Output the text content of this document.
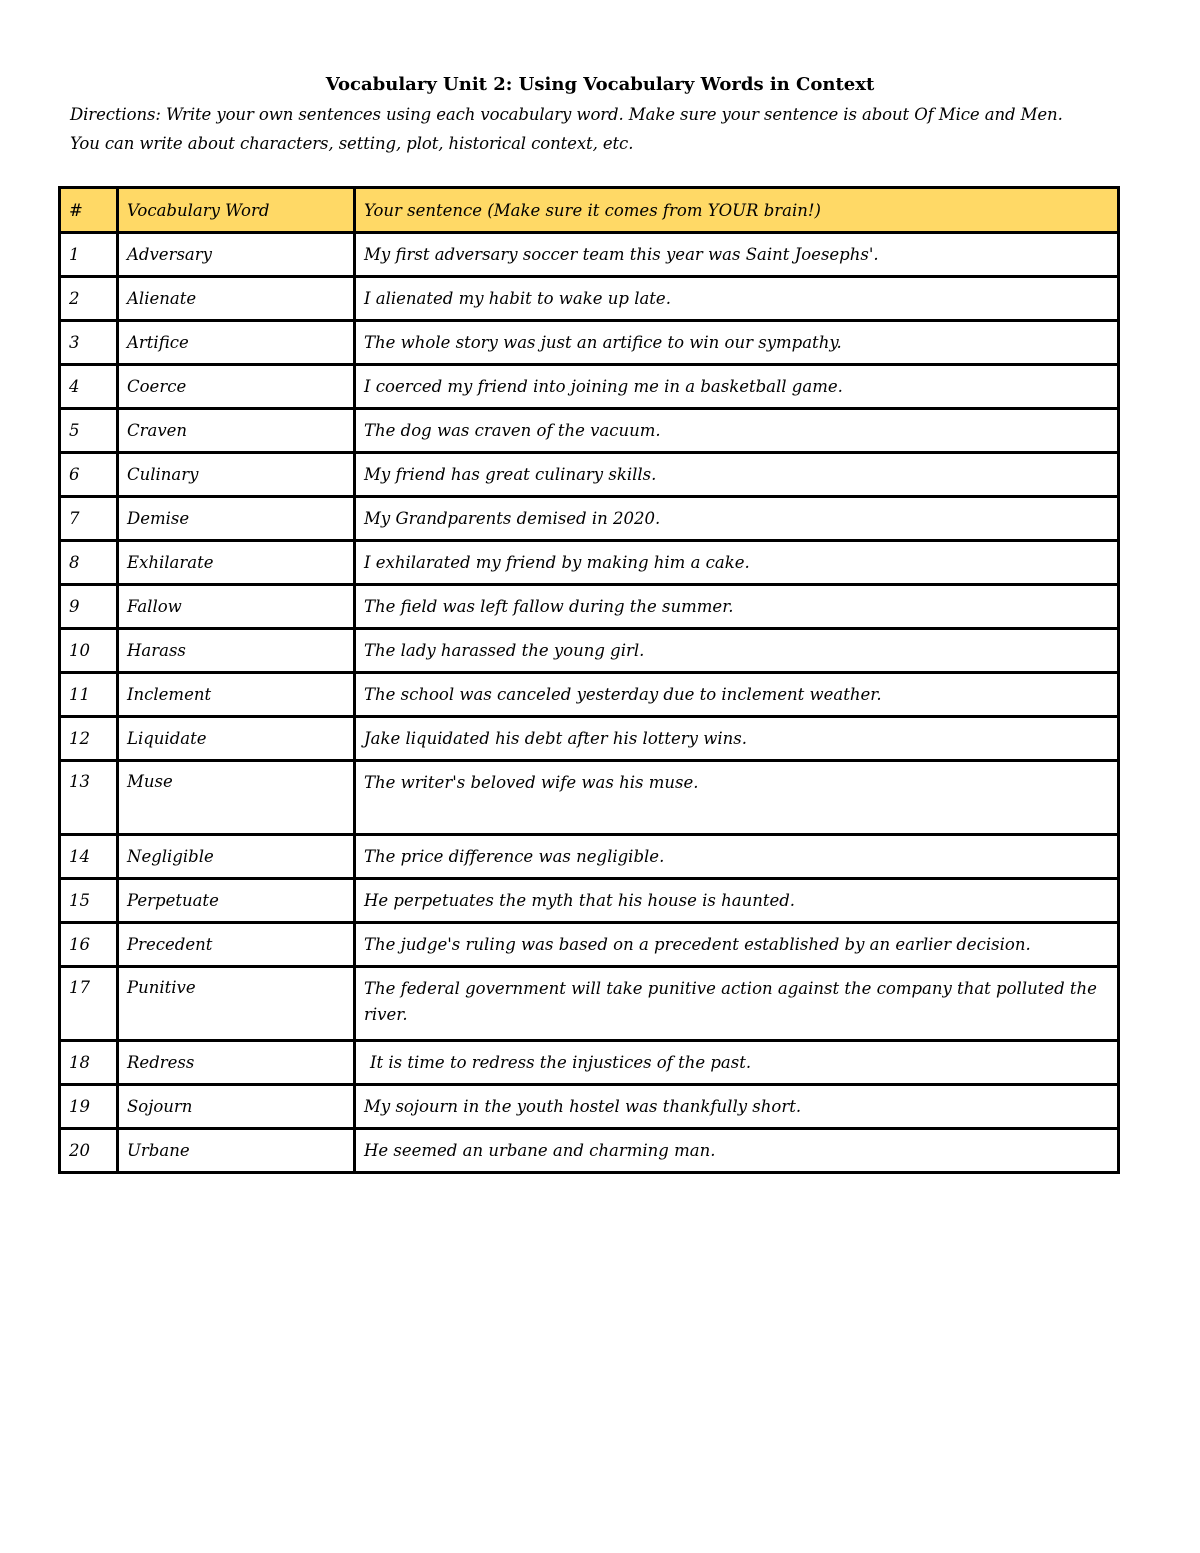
Vocabulary Unit 2: Using Vocabulary Words in Context
Directions: Write your own sentences using each vocabulary word. Make sure your sentence is about Of Mice and Men.
You can write about characters, setting, plot, historical context, etc.
#	Vocabulary Word	Your sentence (Make sure it comes from YOUR brain!)
1	Adversary	My first adversary soccer team this year was Saint Joesephs'.
2	Alienate	I alienated my habit to wake up late.
3	Artifice	The whole story was just an artifice to win our sympathy.
4	Coerce	I coerced my friend into joining me in a basketball game.
5	Craven	The dog was craven of the vacuum.
6	Culinary	My friend has great culinary skills.
7	Demise	My Grandparents demised in 2020.
8	Exhilarate	I exhilarated my friend by making him a cake.
9	Fallow	The field was left fallow during the summer.
10	Harass	The lady harassed the young girl.
11	Inclement	The school was canceled yesterday due to inclement weather.
12	Liquidate	Jake liquidated his debt after his lottery wins.
13	Muse	The writer's beloved wife was his muse.
14	Negligible	The price difference was negligible.
15	Perpetuate	He perpetuates the myth that his house is haunted.
16	Precedent	The judge's ruling was based on a precedent established by an earlier decision.
17	Punitive	The federal government will take punitive action against the company that polluted the river.
18	Redress	It is time to redress the injustices of the past.
19	Sojourn	My sojourn in the youth hostel was thankfully short.
20	Urbane	He seemed an urbane and charming man.
